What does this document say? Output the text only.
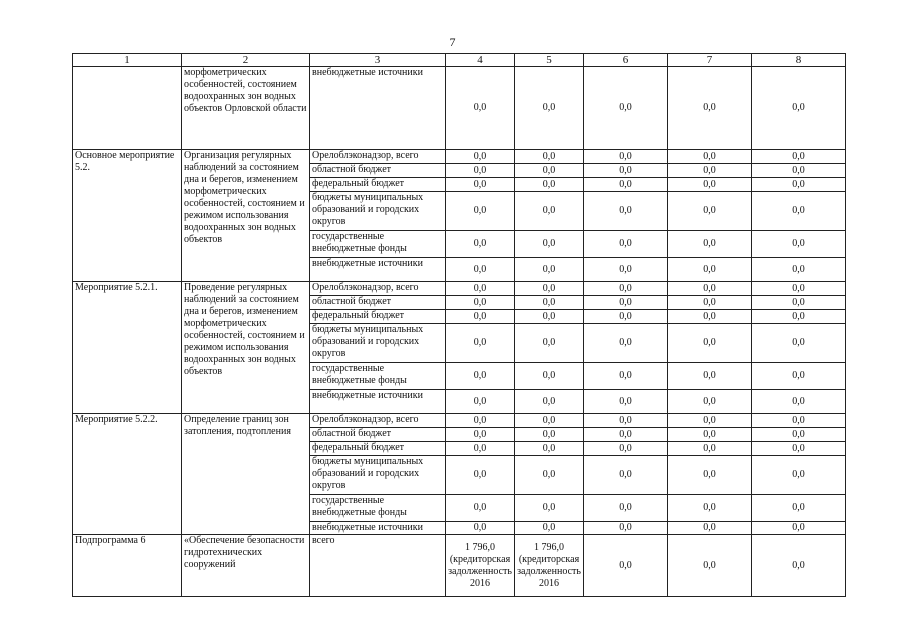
7
1	2	3	4	5	6	7	8
	морфометрических особенностей, состоянием водоохранных зон водных объектов Орловской области	внебюджетные источники	0,0	0,0	0,0	0,0	0,0
Основное мероприятие 5.2.	Организация регулярных наблюдений за состоянием дна и берегов, изменением морфометрических особенностей, состоянием и режимом использования водоохранных зон водных объектов	Орелоблэконадзор, всего	0,0	0,0	0,0	0,0	0,0
		областной бюджет	0,0	0,0	0,0	0,0	0,0
		федеральный бюджет	0,0	0,0	0,0	0,0	0,0
		бюджеты муниципальных образований и городских округов	0,0	0,0	0,0	0,0	0,0
		государственные внебюджетные фонды	0,0	0,0	0,0	0,0	0,0
		внебюджетные источники	0,0	0,0	0,0	0,0	0,0
Мероприятие 5.2.1.	Проведение регулярных наблюдений за состоянием дна и берегов, изменением морфометрических особенностей, состоянием и режимом использования водоохранных зон водных объектов	Орелоблэконадзор, всего	0,0	0,0	0,0	0,0	0,0
		областной бюджет	0,0	0,0	0,0	0,0	0,0
		федеральный бюджет	0,0	0,0	0,0	0,0	0,0
		бюджеты муниципальных образований и городских округов	0,0	0,0	0,0	0,0	0,0
		государственные внебюджетные фонды	0,0	0,0	0,0	0,0	0,0
		внебюджетные источники	0,0	0,0	0,0	0,0	0,0
Мероприятие 5.2.2.	Определение границ зон затопления, подтопления	Орелоблэконадзор, всего	0,0	0,0	0,0	0,0	0,0
		областной бюджет	0,0	0,0	0,0	0,0	0,0
		федеральный бюджет	0,0	0,0	0,0	0,0	0,0
		бюджеты муниципальных образований и городских округов	0,0	0,0	0,0	0,0	0,0
		государственные внебюджетные фонды	0,0	0,0	0,0	0,0	0,0
		внебюджетные источники	0,0	0,0	0,0	0,0	0,0
Подпрограмма 6	«Обеспечение безопасности гидротехнических сооружений	всего	1 796,0 (кредиторская задолженность 2016	1 796,0 (кредиторская задолженность 2016	0,0	0,0	0,0
